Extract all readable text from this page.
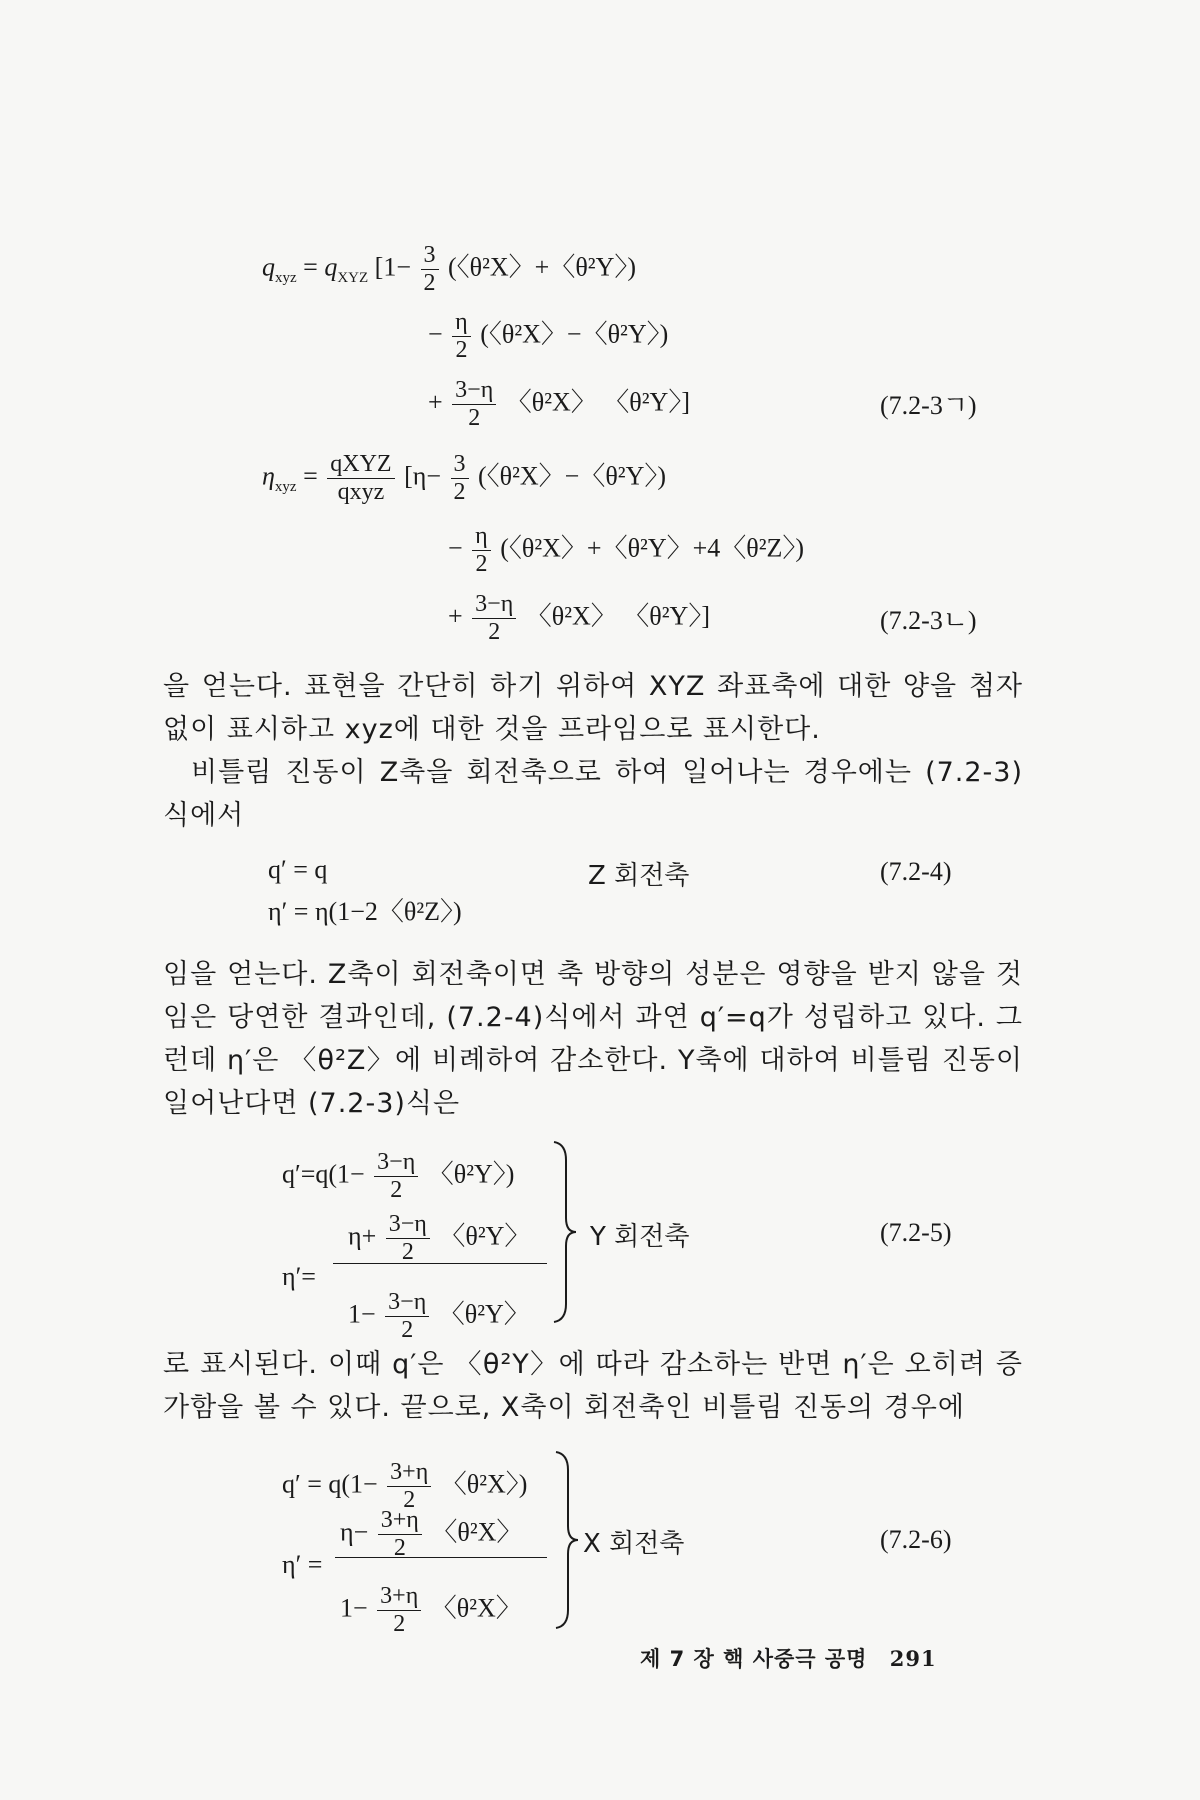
$q_{xyz} = q_{XYZ}$ [$1- \frac{3}{2}$ (〈θ²X〉+〈θ²Y〉)
− $\frac{\eta}{2}$ (〈θ²X〉−〈θ²Y〉)
+ $\frac{3-\eta}{2}$ 〈θ²X〉 〈θ²Y〉]	(7.2-3ㄱ)
$\eta_{xyz} = \frac{\text{qXYZ}}{\text{qxyz}} [\eta- \frac{3}{2}$ (〈θ²X〉−〈θ²Y〉)
− $\frac{\eta}{2}$ (〈θ²X〉+〈θ²Y〉+4〈θ²Z〉)
+ $\frac{3-\eta}{2}$ 〈θ²X〉 〈θ²Y〉]	(7.2-3ㄴ)
을 얻는다. 표현을 간단히 하기 위하여 XYZ 좌표축에 대한 양을 첨자 없이 표시하고 xyz에 대한 것을 프라임으로 표시한다.
비틀림 진동이 Z축을 회전축으로 하여 일어나는 경우에는 (7.2-3)식에서
q′ = q	Z 회전축	(7.2-4)
η′ = η(1−2〈θ²Z〉)
임을 얻는다. Z축이 회전축이면 축 방향의 성분은 영향을 받지 않을 것임은 당연한 결과인데, (7.2-4)식에서 과연 q′=q가 성립하고 있다. 그런데 η′은 〈θ²Z〉에 비례하여 감소한다. Y축에 대하여 비틀림 진동이 일어난다면 (7.2-3)식은
$q'=q(1- \frac{3-\eta}{2}$ 〈θ²Y〉)
η′=
$\eta+ \frac{3-\eta}{2}$ 〈θ²Y〉
$1- \frac{3-\eta}{2}$ 〈θ²Y〉
Y 회전축	(7.2-5)
로 표시된다. 이때 q′은 〈θ²Y〉에 따라 감소하는 반면 η′은 오히려 증가함을 볼 수 있다. 끝으로, X축이 회전축인 비틀림 진동의 경우에
$q' = q(1- \frac{3+\eta}{2}$ 〈θ²X〉)
η′ =
$\eta- \frac{3+\eta}{2}$ 〈θ²X〉
$1- \frac{3+\eta}{2}$ 〈θ²X〉
X 회전축	(7.2-6)
제 7 장 핵 사중극 공명 291
